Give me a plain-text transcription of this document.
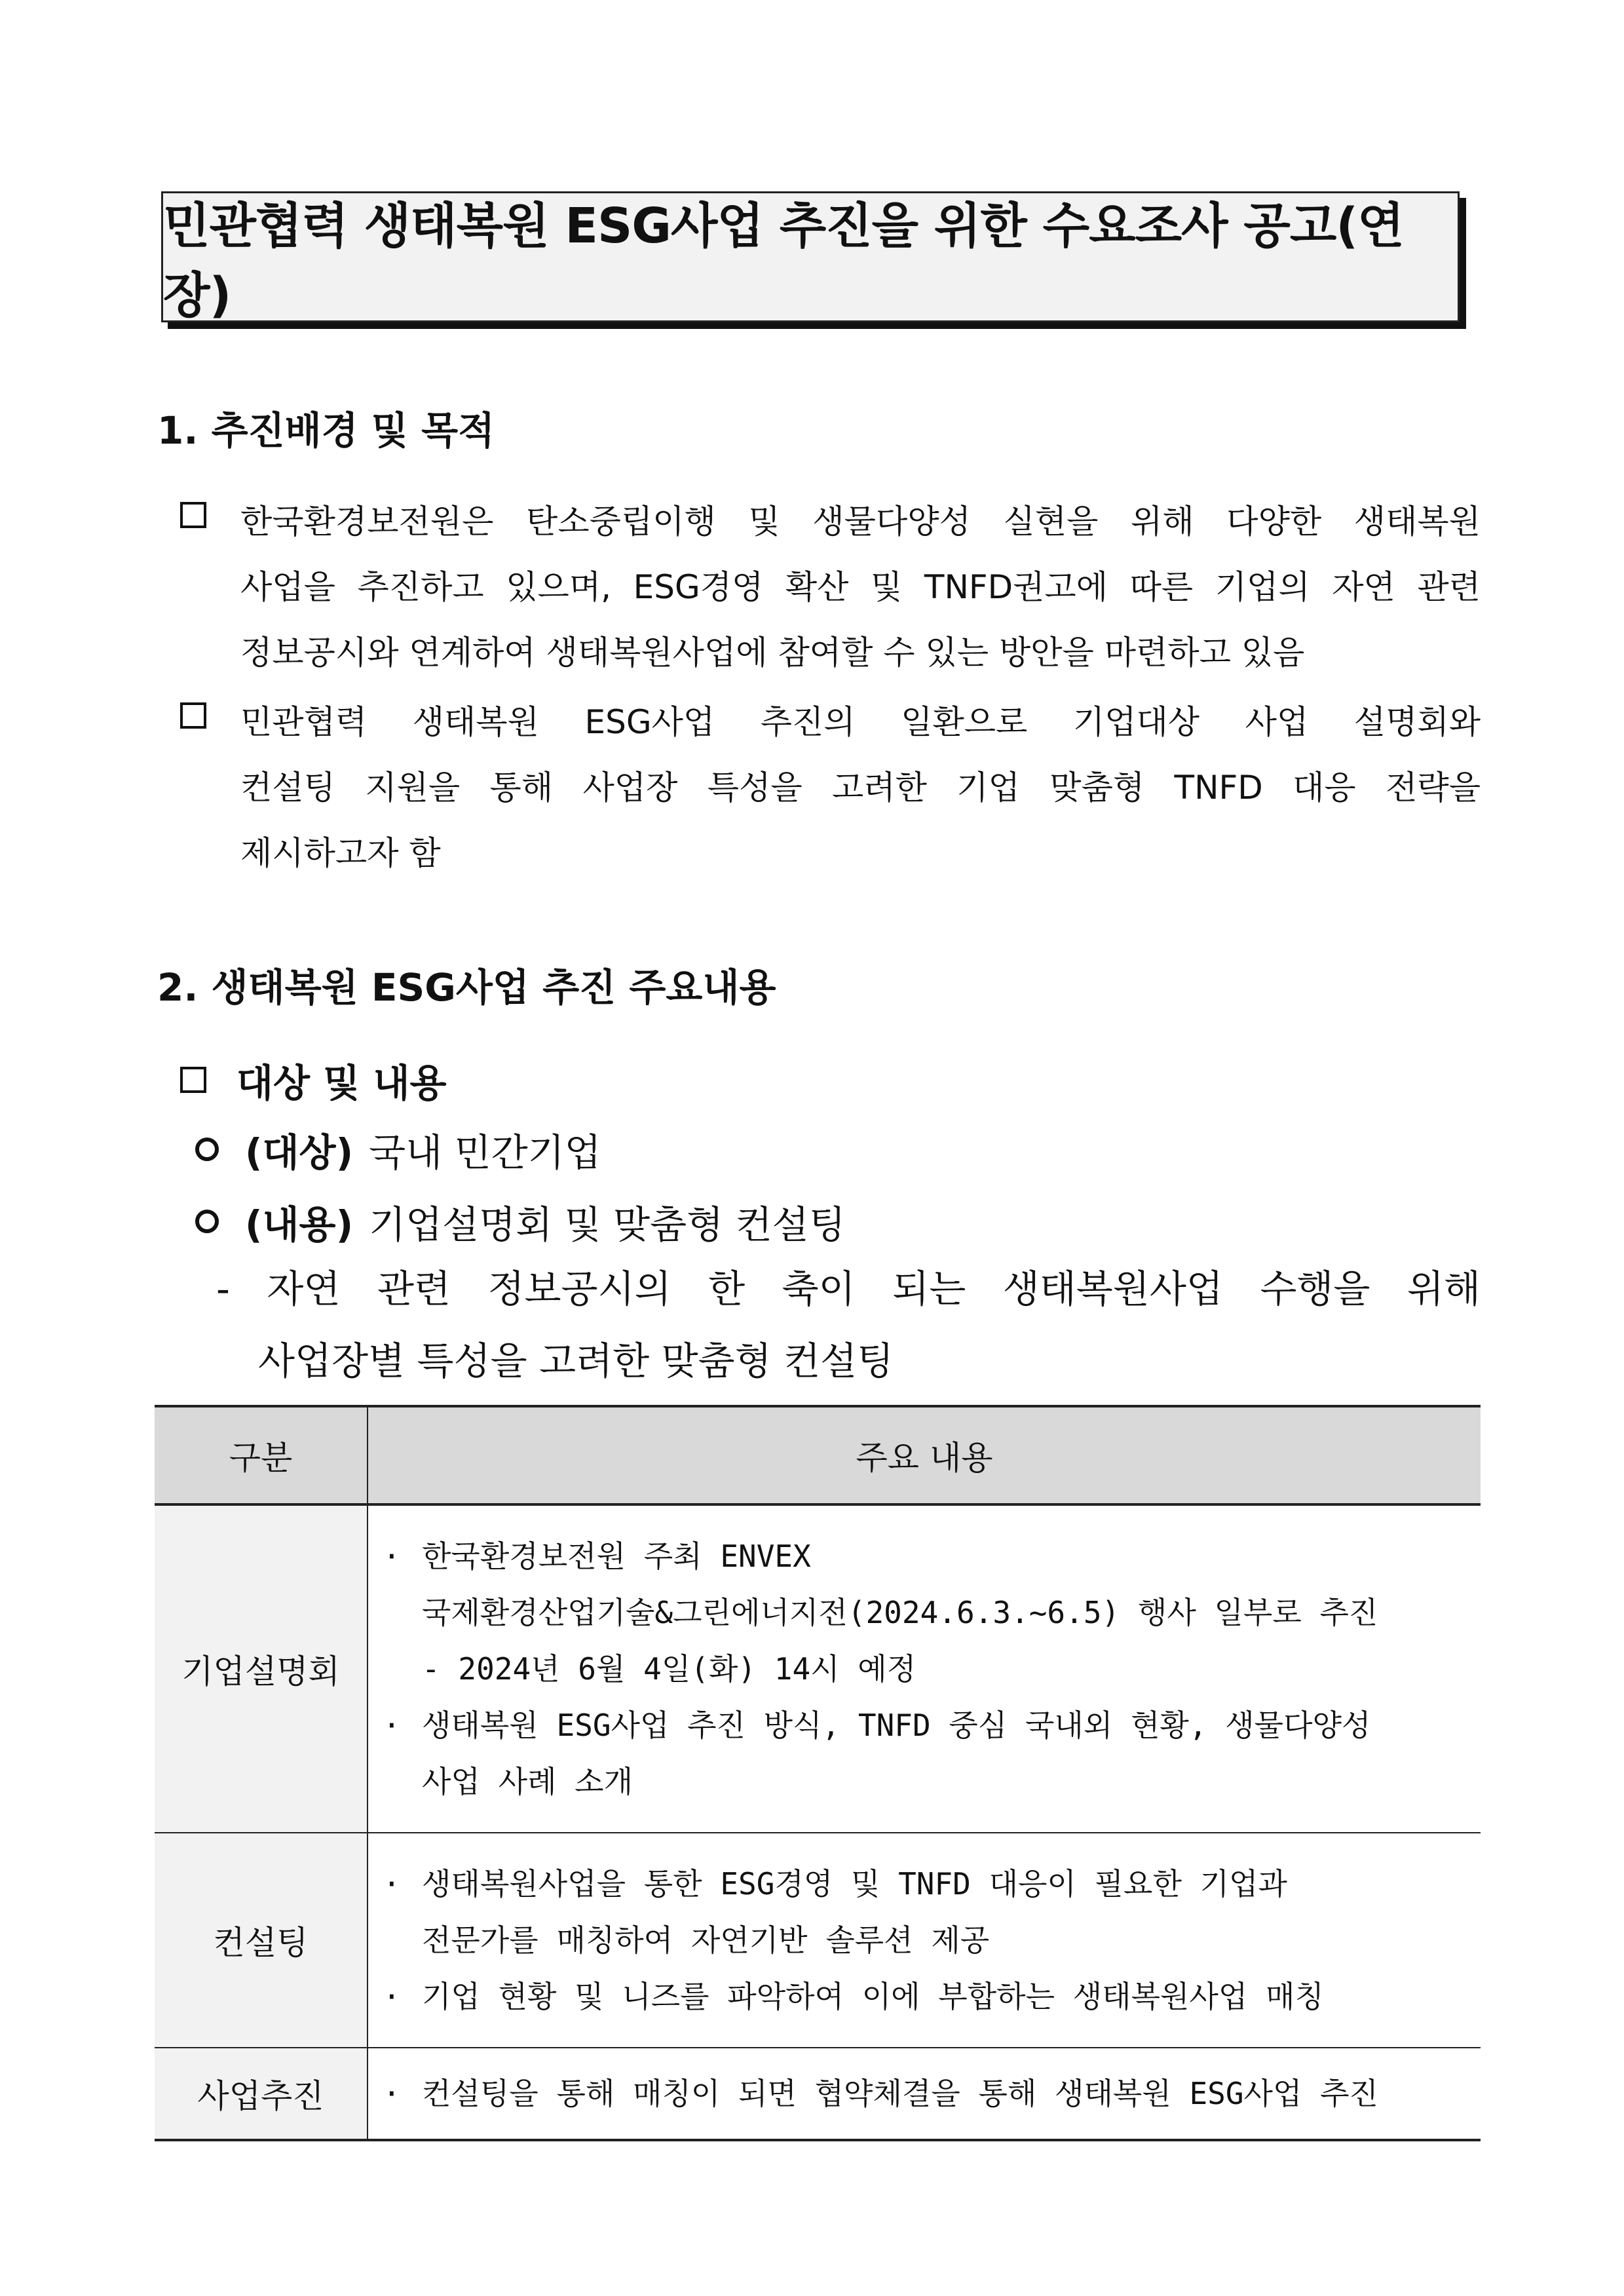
민관협력 생태복원 ESG사업 추진을 위한 수요조사 공고(연장)
1. 추진배경 및 목적
한국환경보전원은 탄소중립이행 및 생물다양성 실현을 위해 다양한 생태복원
사업을 추진하고 있으며, ESG경영 확산 및 TNFD권고에 따른 기업의 자연 관련
정보공시와 연계하여 생태복원사업에 참여할 수 있는 방안을 마련하고 있음
민관협력 생태복원 ESG사업 추진의 일환으로 기업대상 사업 설명회와
컨설팅 지원을 통해 사업장 특성을 고려한 기업 맞춤형 TNFD 대응 전략을
제시하고자 함
2. 생태복원 ESG사업 추진 주요내용
대상 및 내용
(대상) 국내 민간기업
(내용) 기업설명회 및 맞춤형 컨설팅
- 자연 관련 정보공시의 한 축이 되는 생태복원사업 수행을 위해
사업장별 특성을 고려한 맞춤형 컨설팅
구분	주요 내용
기업설명회	· 한국환경보전원 주최 ENVEX
국제환경산업기술&그린에너지전(2024.6.3.~6.5) 행사 일부로 추진
- 2024년 6월 4일(화) 14시 예정
· 생태복원 ESG사업 추진 방식, TNFD 중심 국내외 현황, 생물다양성
사업 사례 소개

컨설팅	· 생태복원사업을 통한 ESG경영 및 TNFD 대응이 필요한 기업과
전문가를 매칭하여 자연기반 솔루션 제공
· 기업 현황 및 니즈를 파악하여 이에 부합하는 생태복원사업 매칭

사업추진	· 컨설팅을 통해 매칭이 되면 협약체결을 통해 생태복원 ESG사업 추진
